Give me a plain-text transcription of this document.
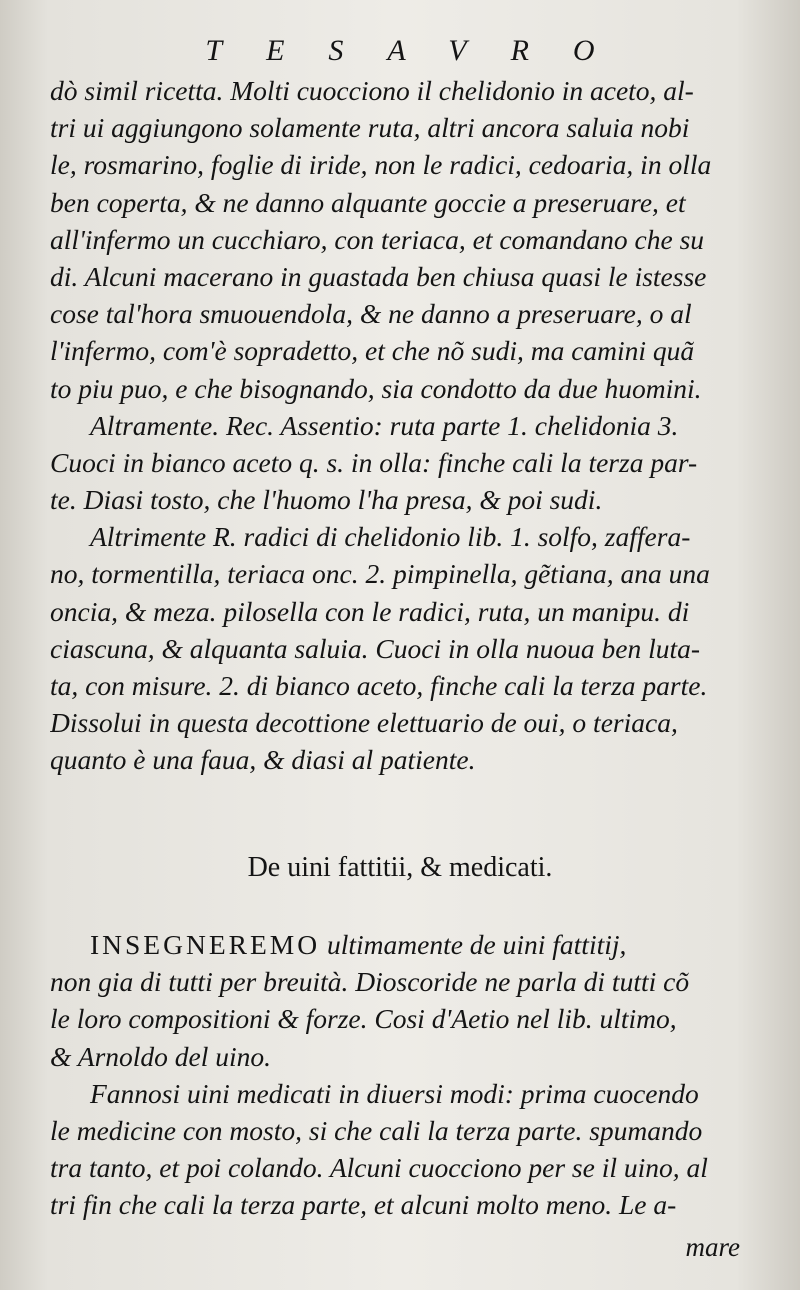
TESAVRO
dò simil ricetta. Molti cuocciono il chelidonio in aceto, al-
tri ui aggiungono solamente ruta, altri ancora saluia nobi
le, rosmarino, foglie di iride, non le radici, cedoaria, in olla
ben coperta, & ne danno alquante goccie a preseruare, et
all'infermo un cucchiaro, con teriaca, et comandano che su
di. Alcuni macerano in guastada ben chiusa quasi le istesse
cose tal'hora smuouendola, & ne danno a preseruare, o al
l'infermo, com'è sopradetto, et che nõ sudi, ma camini quã
to piu puo, e che bisognando, sia condotto da due huomini.
Altramente. Rec. Assentio: ruta parte 1. chelidonia 3.
Cuoci in bianco aceto q. s. in olla: finche cali la terza par-
te. Diasi tosto, che l'huomo l'ha presa, & poi sudi.
Altrimente R. radici di chelidonio lib. 1. solfo, zaffera-
no, tormentilla, teriaca onc. 2. pimpinella, gẽtiana, ana una
oncia, & meza. pilosella con le radici, ruta, un manipu. di
ciascuna, & alquanta saluia. Cuoci in olla nuoua ben luta-
ta, con misure. 2. di bianco aceto, finche cali la terza parte.
Dissolui in questa decottione elettuario de oui, o teriaca,
quanto è una faua, & diasi al patiente.
De uini fattitii, & medicati.
INSEGNEREMO ultimamente de uini fattitij,
non gia di tutti per breuità. Dioscoride ne parla di tutti cõ
le loro compositioni & forze. Cosi d'Aetio nel lib. ultimo,
& Arnoldo del uino.
Fannosi uini medicati in diuersi modi: prima cuocendo
le medicine con mosto, si che cali la terza parte. spumando
tra tanto, et poi colando. Alcuni cuocciono per se il uino, al
tri fin che cali la terza parte, et alcuni molto meno. Le a-
mare
